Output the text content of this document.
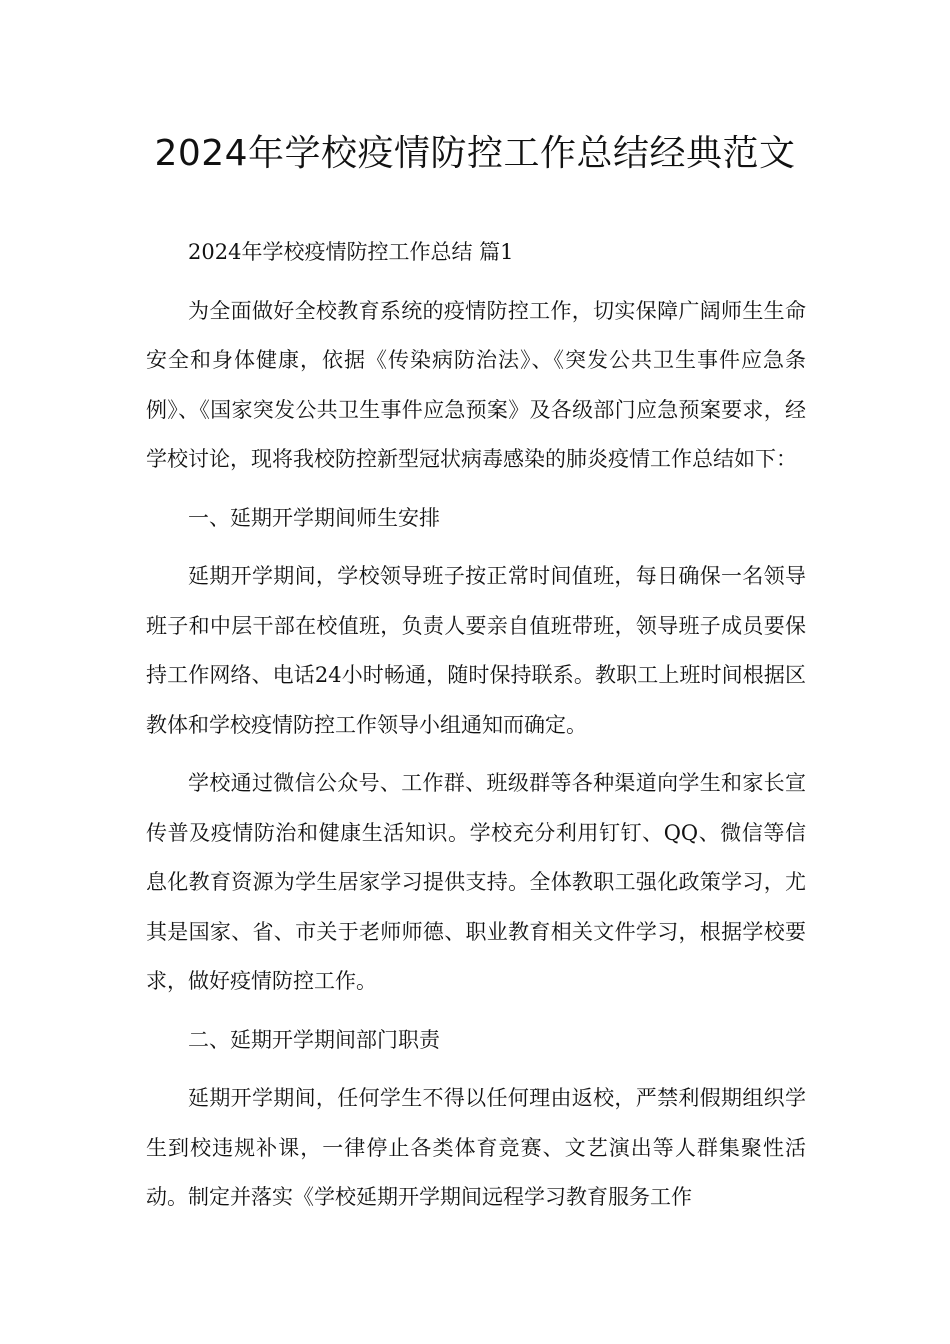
2024年学校疫情防控工作总结经典范文

2024年学校疫情防控工作总结 篇1

为全面做好全校教育系统的疫情防控工作，切实保障广阔师生生命安全和身体健康，依据《传染病防治法》、《突发公共卫生事件应急条例》、《国家突发公共卫生事件应急预案》及各级部门应急预案要求，经学校讨论，现将我校防控新型冠状病毒感染的肺炎疫情工作总结如下：

一、延期开学期间师生安排

延期开学期间，学校领导班子按正常时间值班，每日确保一名领导班子和中层干部在校值班，负责人要亲自值班带班，领导班子成员要保持工作网络、电话24小时畅通，随时保持联系。教职工上班时间根据区教体和学校疫情防控工作领导小组通知而确定。

学校通过微信公众号、工作群、班级群等各种渠道向学生和家长宣传普及疫情防治和健康生活知识。学校充分利用钉钉、QQ、微信等信息化教育资源为学生居家学习提供支持。全体教职工强化政策学习，尤其是国家、省、市关于老师师德、职业教育相关文件学习，根据学校要求，做好疫情防控工作。

二、延期开学期间部门职责

延期开学期间，任何学生不得以任何理由返校，严禁利假期组织学生到校违规补课，一律停止各类体育竞赛、文艺演出等人群集聚性活动。制定并落实《学校延期开学期间远程学习教育服务工作
